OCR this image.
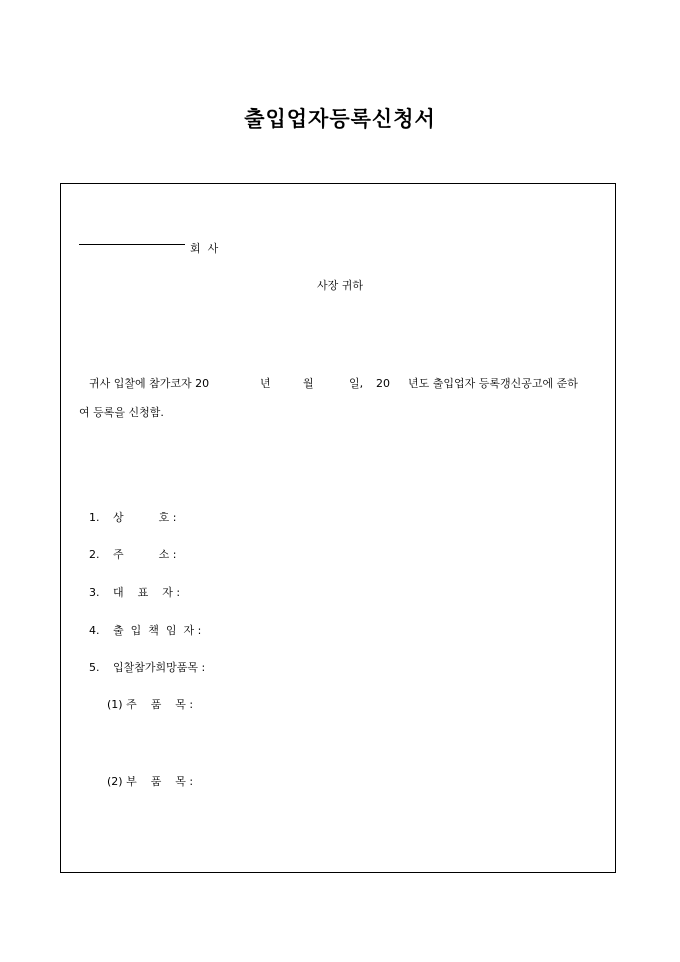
출입업자등록신청서
회  사
사장 귀하
귀사 입찰에 참가코자 20	년	월	일, 20 년도 출입업자 등록갱신공고에 준하
여 등록을 신청함.
1. 상          호 :
2. 주          소 :
3. 대    표    자 :
4. 출  입  책  임  자 :
5. 입찰참가희망품목 :
(1) 주    품    목 :
(2) 부    품    목 :
